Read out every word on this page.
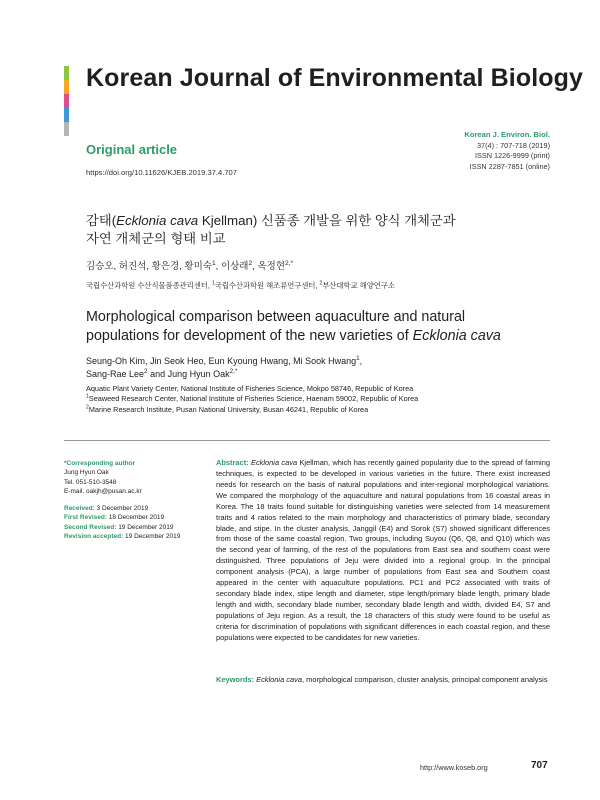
Korean Journal of Environmental Biology
Original article
https://doi.org/10.11626/KJEB.2019.37.4.707
Korean J. Environ. Biol.
37(4) : 707-718 (2019)
ISSN 1226-9999 (print)
ISSN 2287-7851 (online)
감태(Ecklonia cava Kjellman) 신품종 개발을 위한 양식 개체군과
자연 개체군의 형태 비교
김승오, 허진석, 황은경, 황미숙$^1$, 이상래$^2$, 옥정현$^{2,*}$
국립수산과학원 수산식물품종관리센터, $^1$국립수산과학원 해조류연구센터, $^2$부산대학교 해양연구소
Morphological comparison between aquaculture and natural
populations for development of the new varieties of Ecklonia cava
Seung-Oh Kim, Jin Seok Heo, Eun Kyoung Hwang, Mi Sook Hwang$^1$,
Sang-Rae Lee$^2$ and Jung Hyun Oak$^{2,*}$
Aquatic Plant Variety Center, National Institute of Fisheries Science, Mokpo 58746, Republic of Korea
$^1$Seaweed Research Center, National Institute of Fisheries Science, Haenam 59002, Republic of Korea
$^2$Marine Research Institute, Pusan National University, Busan 46241, Republic of Korea
*Corresponding author
Jung Hyun Oak
Tel. 051-510-3548
E-mail. oakjh@pusan.ac.kr
Received: 3 December 2019
First Revised: 18 December 2019
Second Revised: 19 December 2019
Revision accepted: 19 December 2019
Abstract: Ecklonia cava Kjellman, which has recently gained popularity due to the spread of farming techniques, is expected to be developed in various varieties in the future. There exist increased needs for research on the basis of natural populations and inter-regional morphological variations. We compared the morphology of the aquaculture and natural populations from 16 coastal areas in Korea. The 18 traits found suitable for distinguishing varieties were selected from 14 measurement traits and 4 ratios related to the main morphology and characteristics of primary blade, secondary blade, and stipe. In the cluster analysis, Janggil (E4) and Sorok (S7) showed significant differences from those of the same coastal region. Two groups, including Suyou (Q6, Q8, and Q10) which was the second year of farming, of the rest of the populations from East sea and southern coast were distinguished. Three populations of Jeju were divided into a regional group. In the principal component analysis (PCA), a large number of populations from East sea and Southern coast appeared in the center with aquaculture populations. PC1 and PC2 associated with traits of secondary blade index, stipe length and diameter, stipe length/primary blade length, primary blade length and width, secondary blade number, secondary blade length and width, divided E4, S7 and populations of Jeju region. As a result, the 18 characters of this study were found to be useful as criteria for discrimination of populations with significant differences in each coastal region, and these populations were expected to be candidates for new varieties.
Keywords: Ecklonia cava, morphological comparison, cluster analysis, principal component analysis
http://www.koseb.org	707
